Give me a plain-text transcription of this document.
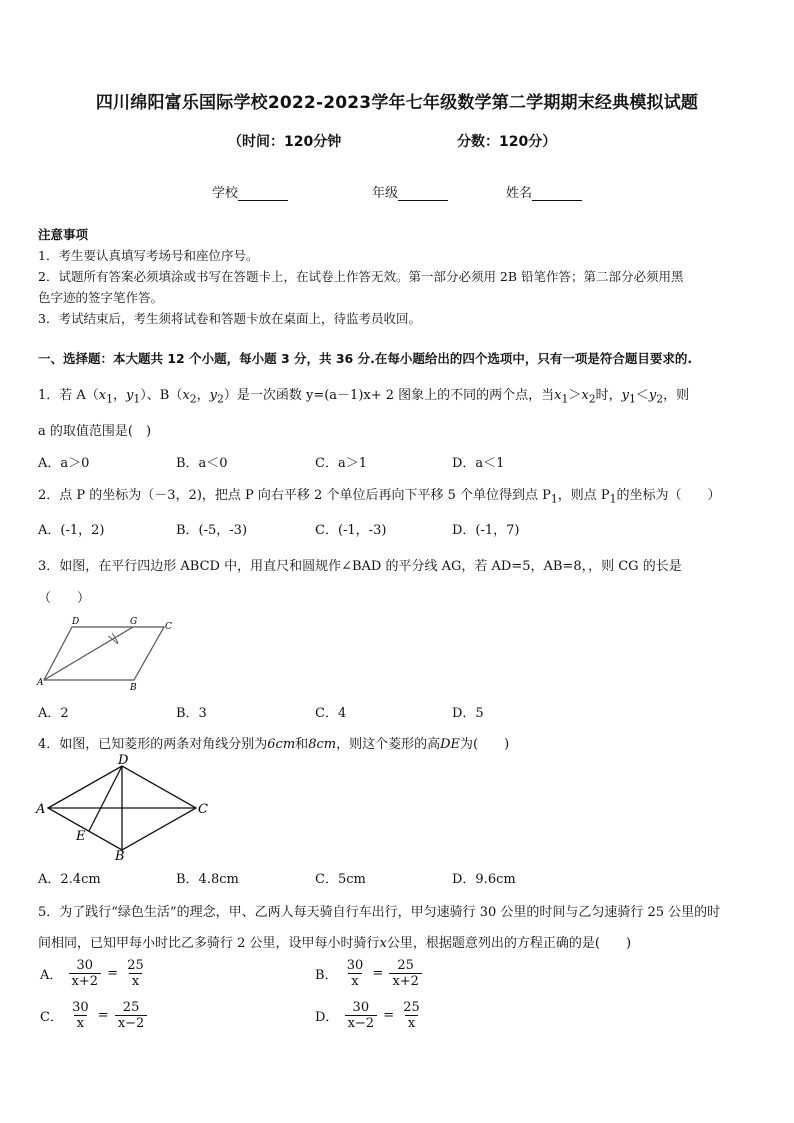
四川绵阳富乐国际学校2022-2023学年七年级数学第二学期期末经典模拟试题
（时间：120分钟	分数：120分）
学校	年级	姓名
注意事项
1．考生要认真填写考场号和座位序号。
2．试题所有答案必须填涂或书写在答题卡上，在试卷上作答无效。第一部分必须用 2B 铅笔作答；第二部分必须用黑
色字迹的签字笔作答。
3．考试结束后，考生须将试卷和答题卡放在桌面上，待监考员收回。
一、选择题：本大题共 12 个小题，每小题 3 分，共 36 分.在每小题给出的四个选项中，只有一项是符合题目要求的.
1．若 $A(x_1$，$y_1$）、$B(x_2$，$y_2$）是一次函数 y=(a－1)x+ 2 图象上的不同的两个点，当$x_1>x_2$时，$y_1<y_2$，则
a 的取值范围是(　)
A．a＞0	B．a＜0	C．a＞1	D．a＜1
2．点 P 的坐标为（－3，2)，把点 P 向右平移 2 个单位后再向下平移 5 个单位得到点 $P_1$，则点 $P_1$的坐标为（　　）
A．(-1，2)	B．(-5，-3)	C．(-1，-3)	D．(-1，7)
3．如图，在平行四边形 ABCD 中，用直尺和圆规作∠BAD 的平分线 AG，若 AD=5，AB=8，，则 CG 的长是
（　　）
D	G	C
A	B
A．2	B．3	C．4	D．5
4．如图，已知菱形的两条对角线分别为6cm和8cm，则这个菱形的高DE为(　　)
D
A	C
E
B
A．2.4cm	B．4.8cm	C．5cm	D．9.6cm
5．为了践行“绿色生活”的理念，甲、乙两人每天骑自行车出行，甲匀速骑行 30 公里的时间与乙匀速骑行 25 公里的时
间相同，已知甲每小时比乙多骑行 2 公里，设甲每小时骑行x公里，根据题意列出的方程正确的是(　　)
A． $\frac{30}{x+2} = \frac{25}{x}$	B． $\frac{30}{x} = \frac{25}{x+2}$
C． $\frac{30}{x} = \frac{25}{x-2}$	D． $\frac{30}{x-2} = \frac{25}{x}$
